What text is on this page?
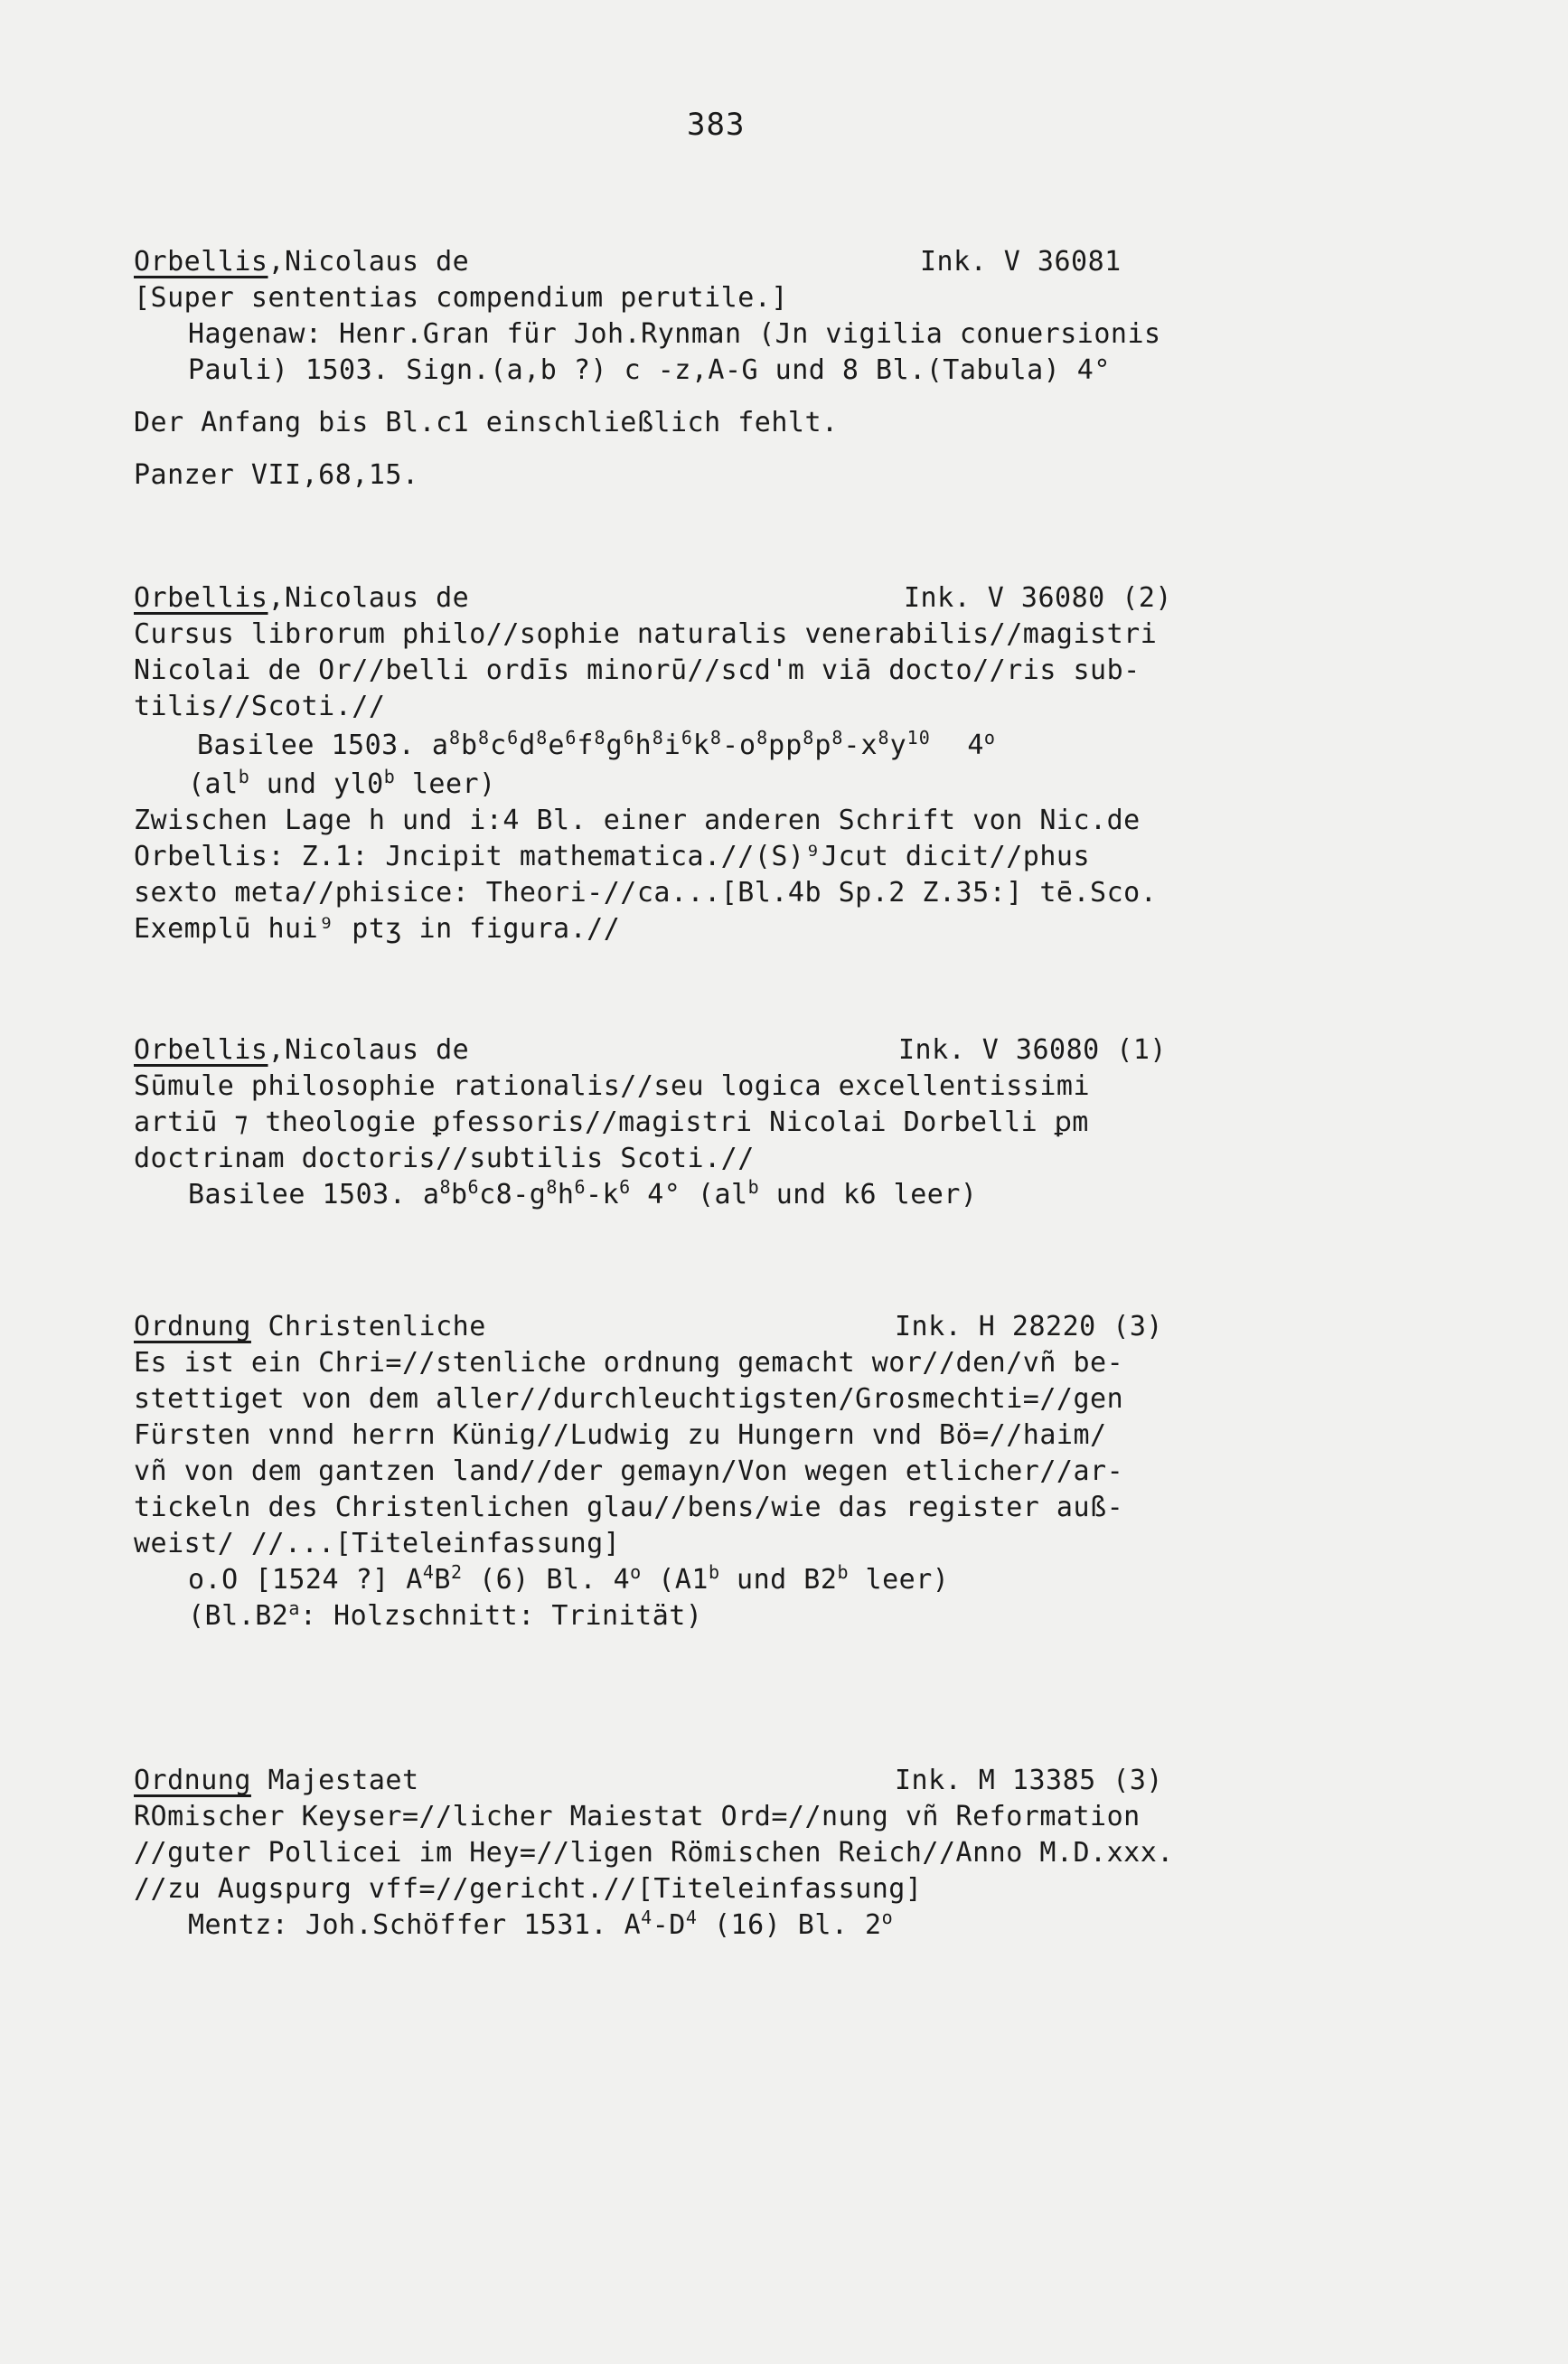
383
Orbellis,Nicolaus de	Ink. V 36081
[Super sententias compendium perutile.]
Hagenaw: Henr.Gran für Joh.Rynman (Jn vigilia conuersionis
Pauli) 1503. Sign.(a,b ?) c -z,A-G und 8 Bl.(Tabula) 4°
Der Anfang bis Bl.c1 einschließlich fehlt.
Panzer VII,68,15.
Orbellis,Nicolaus de	Ink. V 36080 (2)
Cursus librorum philo//sophie naturalis venerabilis//magistri
Nicolai de Or//belli ordīs minorū//scd'm viā docto//ris sub-
tilis//Scoti.//
Basilee 1503. $a^8b^8c^6d^8e^6f^8g^6h^8i^6k^8-o^8pp^8p^8-x^8y^{10}$ 4$^o$
($al^b$ und yl0$^b$ leer)
Zwischen Lage h und i:4 Bl. einer anderen Schrift von Nic.de
Orbellis: Z.1: Jncipit mathematica.//(S)⁹Jcut dicit//phus
sexto meta//phisice: Theori-//ca...[Bl.4b Sp.2 Z.35:] tē.Sco.
Exemplū hui⁹ ptʒ in figura.//
Orbellis,Nicolaus de	Ink. V 36080 (1)
Sūmule philosophie rationalis//seu logica excellentissimi
artiū ⁊ theologie ꝑfessoris//magistri Nicolai Dorbelli ꝑm
doctrinam doctoris//subtilis Scoti.//
Basilee 1503. $a^8b^6c8-g^8h^6-k^6$ 4° ($al^b$ und k6 leer)
Ordnung Christenliche	Ink. H 28220 (3)
Es ist ein Chri=//stenliche ordnung gemacht wor//den/vñ be-
stettiget von dem aller//durchleuchtigsten/Grosmechti=//gen
Fürsten vnnd herrn Künig//Ludwig zu Hungern vnd Bö=//haim/
vñ von dem gantzen land//der gemayn/Von wegen etlicher//ar-
tickeln des Christenlichen glau//bens/wie das register auß-
weist/ //...[Titeleinfassung]
o.O [1524 ?] $A^4B^2$ (6) Bl. 4$^o$ (A1$^b$ und B2$^b$ leer)
(Bl.B2$^a$: Holzschnitt: Trinität)
Ordnung Majestaet	Ink. M 13385 (3)
ROmischer Keyser=//licher Maiestat Ord=//nung vñ Reformation
//guter Pollicei im Hey=//ligen Römischen Reich//Anno M.D.xxx.
//zu Augspurg vff=//gericht.//[Titeleinfassung]
Mentz: Joh.Schöffer 1531. $A^4-D^4$ (16) Bl. 2$^o$
